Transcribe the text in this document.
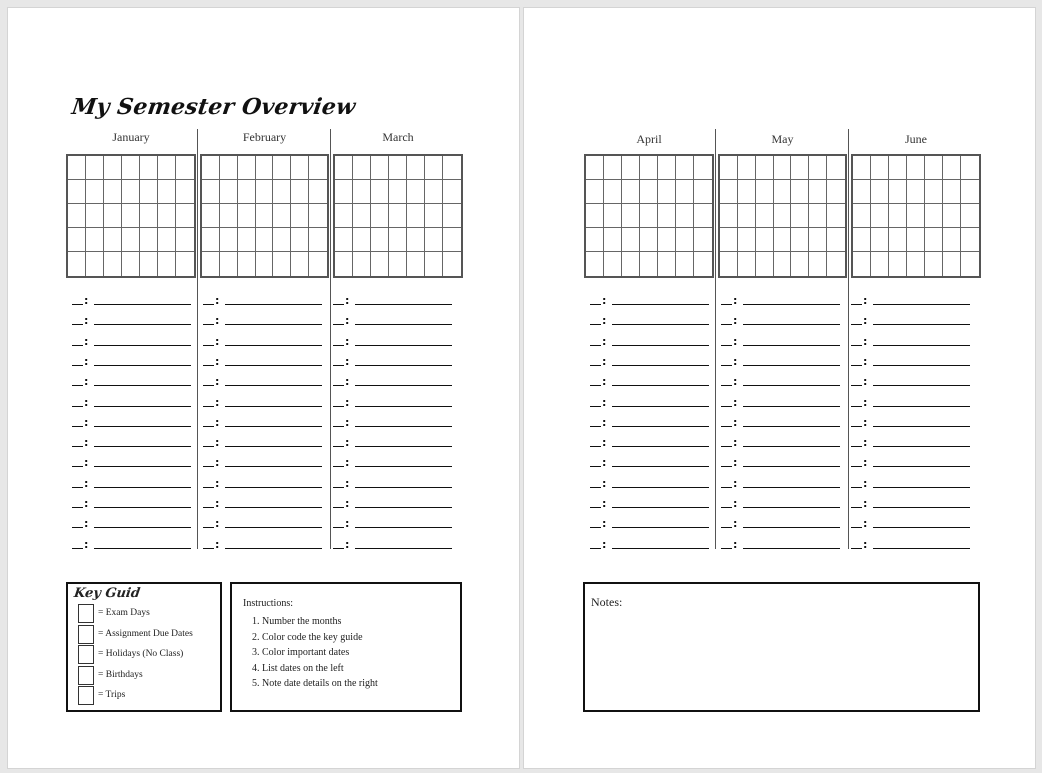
My Semester Overview
January
:
:
:
:
:
:
:
:
:
:
:
:
:
February
:
:
:
:
:
:
:
:
:
:
:
:
:
March
:
:
:
:
:
:
:
:
:
:
:
:
:
Key Guid
= Exam Days
= Assignment Due Dates
= Holidays (No Class)
= Birthdays
= Trips
Instructions:
1. Number the months
2. Color code the key guide
3. Color important dates
4. List dates on the left
5. Note date details on the right
April
:
:
:
:
:
:
:
:
:
:
:
:
:
May
:
:
:
:
:
:
:
:
:
:
:
:
:
June
:
:
:
:
:
:
:
:
:
:
:
:
:
Notes:
